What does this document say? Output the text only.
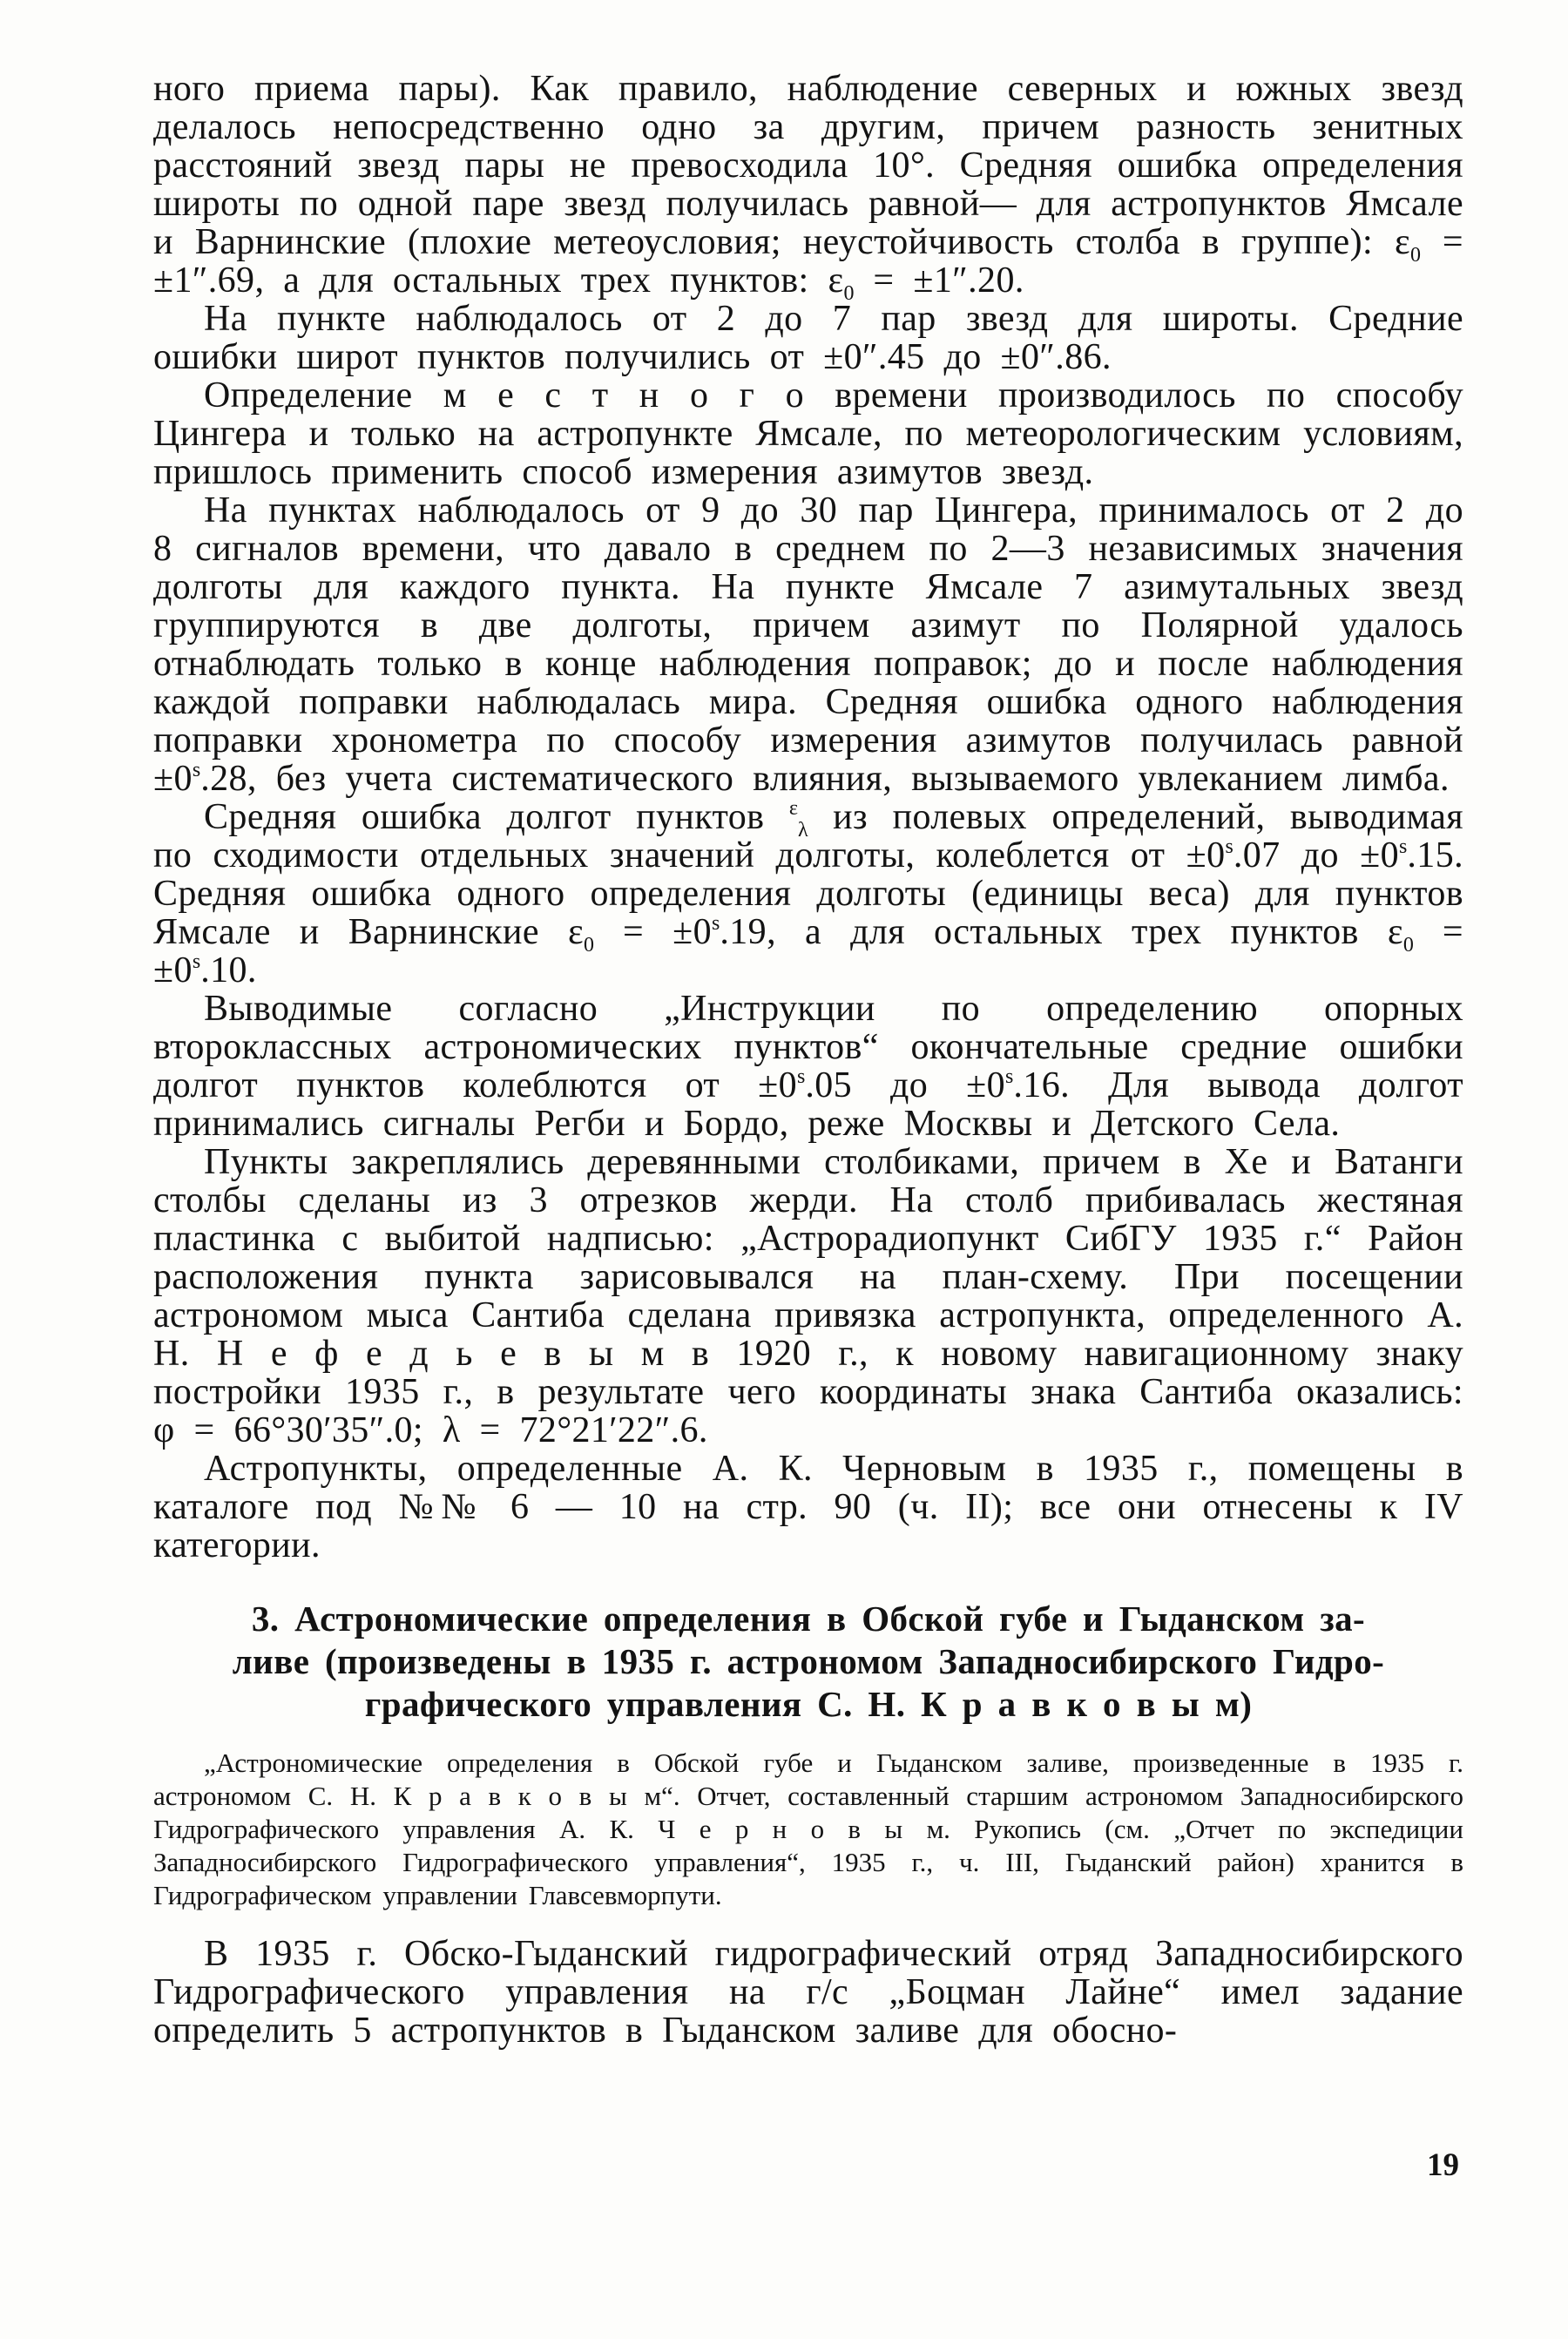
ного приема пары). Как правило, наблюдение северных и южных звезд делалось непосредственно одно за другим, причем разность зенитных расстояний звезд пары не превосходила 10°. Средняя ошибка определения широты по одной паре звезд получилась равной— для астропунктов Ямсале и Варнинские (плохие метеоусловия; неустойчивость столба в группе): $\varepsilon_0 = \pm 1''.69$, а для остальных трех пунктов: $\varepsilon_0 = \pm 1''.20$.

На пункте наблюдалось от 2 до 7 пар звезд для широты. Средние ошибки широт пунктов получились от ±0″.45 до ±0″.86.

Определение м е с т н о г о времени производилось по способу Цингера и только на астропункте Ямсале, по метеорологическим условиям, пришлось применить способ измерения азимутов звезд.

На пунктах наблюдалось от 9 до 30 пар Цингера, принималось от 2 до 8 сигналов времени, что давало в среднем по 2—3 независимых значения долготы для каждого пункта. На пункте Ямсале 7 азимутальных звезд группируются в две долготы, причем азимут по Полярной удалось отнаблюдать только в конце наблюдения поправок; до и после наблюдения каждой поправки наблюдалась мира. Средняя ошибка одного наблюдения поправки хронометра по способу измерения азимутов получилась равной $\pm 0^s.28$, без учета систематического влияния, вызываемого увлеканием лимба.

Средняя ошибка долгот пунктов $^\varepsilon_\lambda$ из полевых определений, выводимая по сходимости отдельных значений долготы, колеблется от $\pm 0^s.07$ до $\pm 0^s.15$. Средняя ошибка одного определения долготы (единицы веса) для пунктов Ямсале и Варнинские $\varepsilon_0 = \pm 0^s.19$, а для остальных трех пунктов $\varepsilon_0 = \pm 0^s.10$.

Выводимые согласно „Инструкции по определению опорных второклассных астрономических пунктов“ окончательные средние ошибки долгот пунктов колеблются от $\pm 0^s.05$ до $\pm 0^s.16$. Для вывода долгот принимались сигналы Регби и Бордо, реже Москвы и Детского Села.

Пункты закреплялись деревянными столбиками, причем в Хе и Ватанги столбы сделаны из 3 отрезков жерди. На столб прибивалась жестяная пластинка с выбитой надписью: „Астрорадиопункт СибГУ 1935 г.“ Район расположения пункта зарисовывался на план-схему. При посещении астрономом мыса Сантиба сделана привязка астропункта, определенного А. Н. Н е ф е д ь е в ы м в 1920 г., к новому навигационному знаку постройки 1935 г., в результате чего координаты знака Сантиба оказались: φ = 66°30′35″.0; λ = 72°21′22″.6.

Астропункты, определенные А. К. Черновым в 1935 г., помещены в каталоге под №№ 6 — 10 на стр. 90 (ч. II); все они отнесены к IV категории.

3. Астрономические определения в Обской губе и Гыданском за-
ливе (произведены в 1935 г. астрономом Западносибирского Гидро-
графического управления С. Н. К р а в к о в ы м)

„Астрономические определения в Обской губе и Гыданском заливе, произведенные в 1935 г. астрономом С. Н. К р а в к о в ы м“. Отчет, составленный старшим астрономом Западносибирского Гидрографического управления А. К. Ч е р н о в ы м. Рукопись (см. „Отчет по экспедиции Западносибирского Гидрографического управления“, 1935 г., ч. III, Гыданский район) хранится в Гидрографическом управлении Главсевморпути.

В 1935 г. Обско-Гыданский гидрографический отряд Западносибирского Гидрографического управления на г/с „Боцман Лайне“ имел задание определить 5 астропунктов в Гыданском заливе для обосно-

19
